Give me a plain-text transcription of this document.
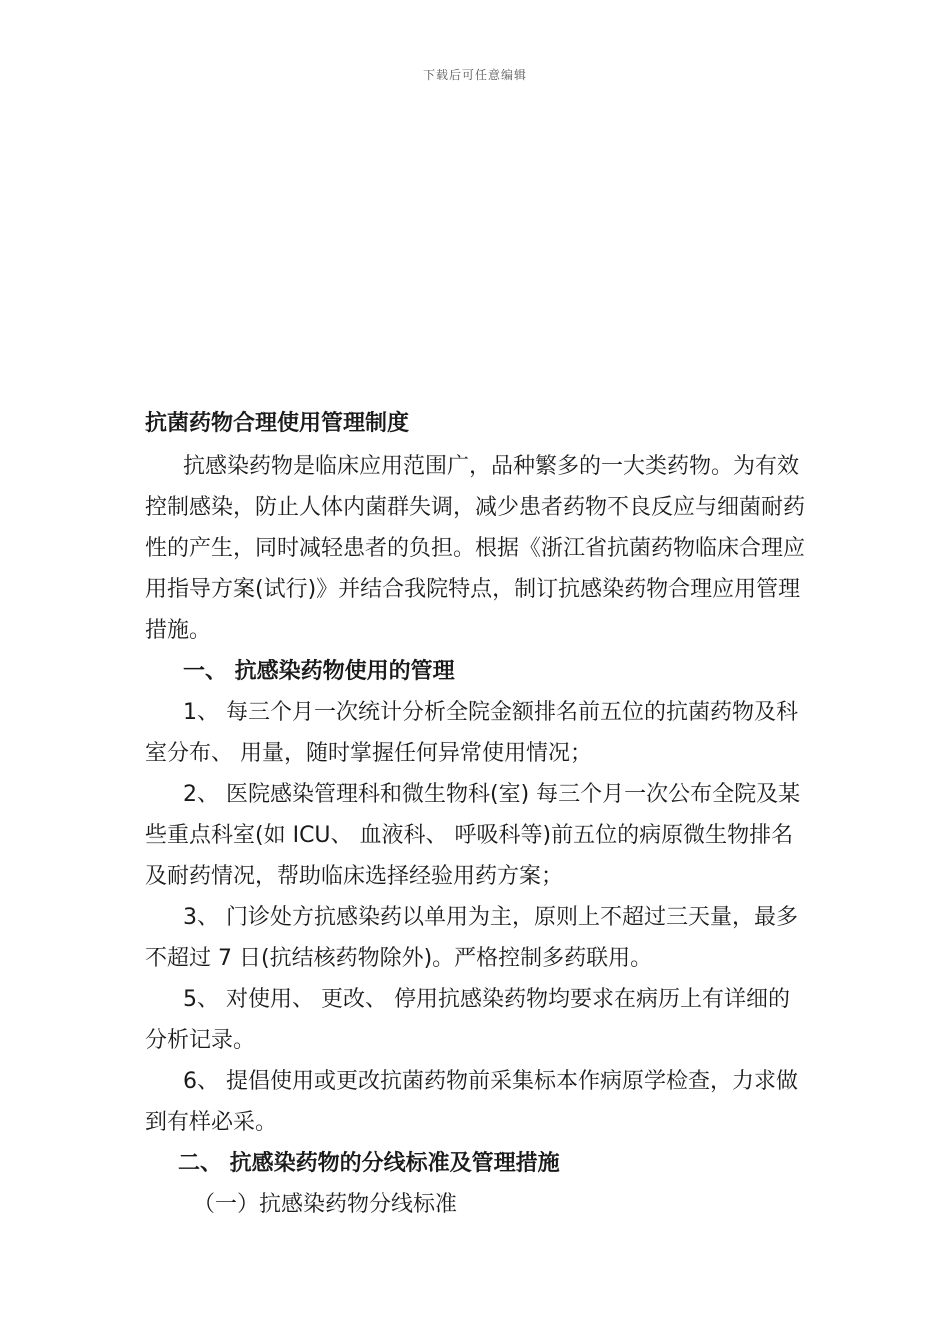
下载后可任意编辑
抗菌药物合理使用管理制度

抗感染药物是临床应用范围广，品种繁多的一大类药物。为有效控制感染，防止人体内菌群失调，减少患者药物不良反应与细菌耐药性的产生，同时减轻患者的负担。根据《浙江省抗菌药物临床合理应用指导方案(试行)》并结合我院特点，制订抗感染药物合理应用管理措施。

一、 抗感染药物使用的管理

1、 每三个月一次统计分析全院金额排名前五位的抗菌药物及科室分布、 用量，随时掌握任何异常使用情况；

2、 医院感染管理科和微生物科(室) 每三个月一次公布全院及某些重点科室(如 ICU、 血液科、 呼吸科等)前五位的病原微生物排名及耐药情况，帮助临床选择经验用药方案；

3、 门诊处方抗感染药以单用为主，原则上不超过三天量，最多不超过 7 日(抗结核药物除外)。严格控制多药联用。

5、 对使用、 更改、 停用抗感染药物均要求在病历上有详细的分析记录。

6、 提倡使用或更改抗菌药物前采集标本作病原学检查，力求做到有样必采。

二、 抗感染药物的分线标准及管理措施

（一）抗感染药物分线标准
